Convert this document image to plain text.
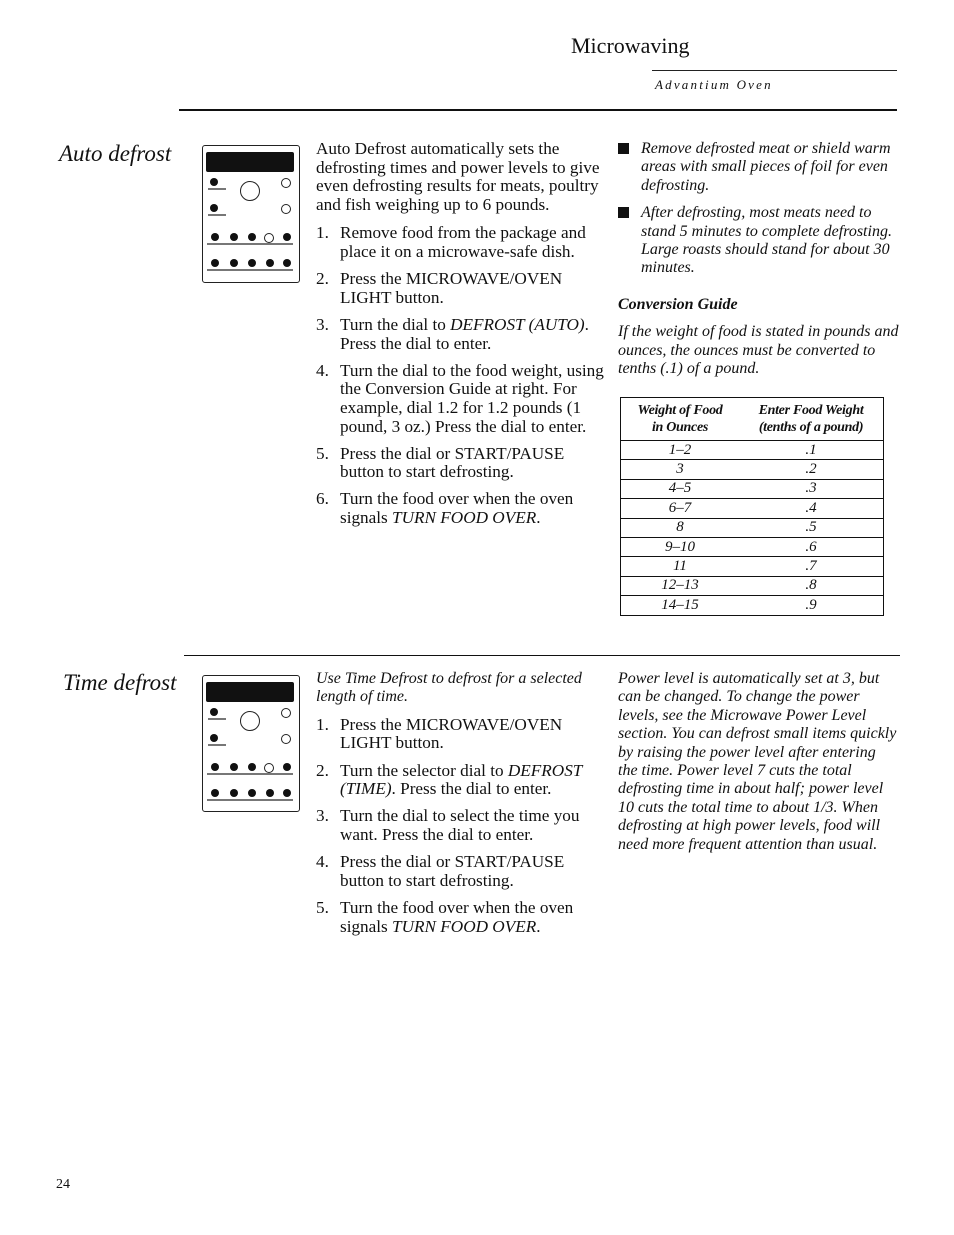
Microwaving
Advantium Oven
Auto defrost	Auto Defrost automatically sets the defrosting times and power levels to give even defrosting results for meats, poultry and fish weighing up to 6 pounds.
1. Remove food from the package and place it on a microwave-safe dish.
2. Press the MICROWAVE/OVEN LIGHT button.
3. Turn the dial to DEFROST (AUTO). Press the dial to enter.
4. Turn the dial to the food weight, using the Conversion Guide at right. For example, dial 1.2 for 1.2 pounds (1 pound, 3 oz.) Press the dial to enter.
5. Press the dial or START/PAUSE button to start defrosting.
6. Turn the food over when the oven signals TURN FOOD OVER.
Remove defrosted meat or shield warm areas with small pieces of foil for even defrosting.
After defrosting, most meats need to stand 5 minutes to complete defrosting. Large roasts should stand for about 30 minutes.
Conversion Guide
If the weight of food is stated in pounds and ounces, the ounces must be converted to tenths (.1) of a pound.
Weight of Food
in Ounces	Enter Food Weight
(tenths of a pound)
1–2	.1
3	.2
4–5	.3
6–7	.4
8	.5
9–10	.6
11	.7
12–13	.8
14–15	.9
Time defrost	Use Time Defrost to defrost for a selected length of time.
1. Press the MICROWAVE/OVEN LIGHT button.
2. Turn the selector dial to DEFROST (TIME). Press the dial to enter.
3. Turn the dial to select the time you want. Press the dial to enter.
4. Press the dial or START/PAUSE button to start defrosting.
5. Turn the food over when the oven signals TURN FOOD OVER.
Power level is automatically set at 3, but can be changed. To change the power levels, see the Microwave Power Level section. You can defrost small items quickly by raising the power level after entering the time. Power level 7 cuts the total defrosting time in about half; power level 10 cuts the total time to about 1/3. When defrosting at high power levels, food will need more frequent attention than usual.
24
